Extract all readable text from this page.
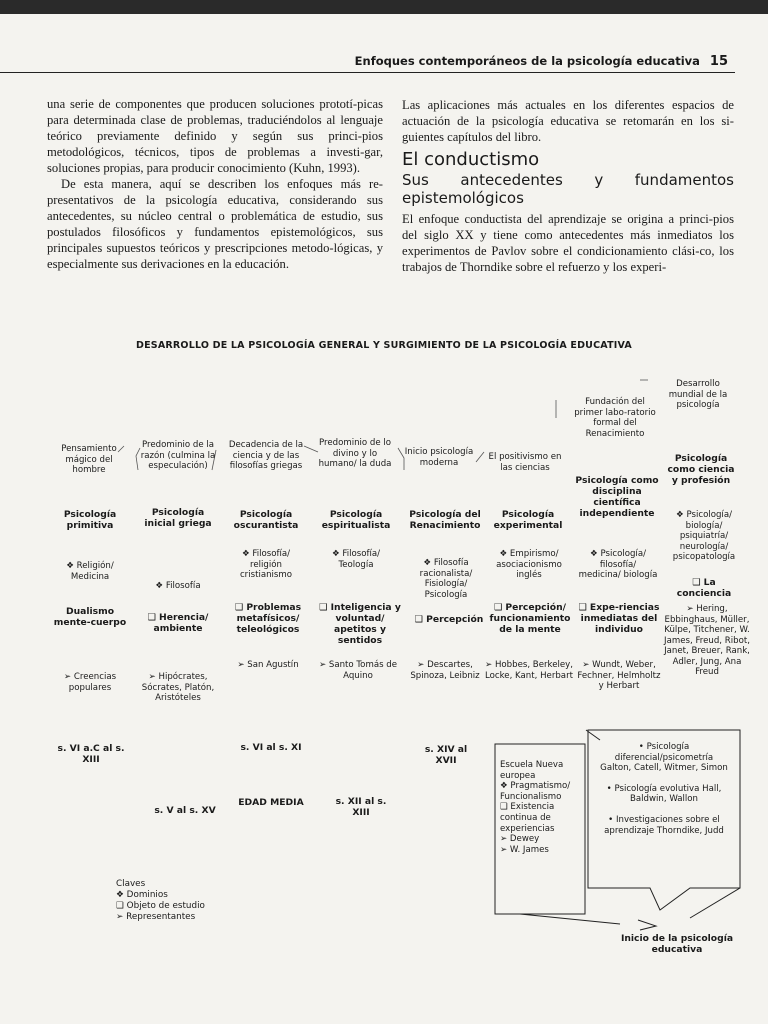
Enfoques contemporáneos de la psicología educativa 15

una serie de componentes que producen soluciones prototí-picas para determinada clase de problemas, traduciéndolos al lenguaje teórico previamente definido y según sus princi-pios metodológicos, técnicos, tipos de problemas a investi-gar, soluciones propias, para producir conocimiento (Kuhn, 1993).

De esta manera, aquí se describen los enfoques más re-presentativos de la psicología educativa, considerando sus antecedentes, su núcleo central o problemática de estudio, sus postulados filosóficos y fundamentos epistemológicos, sus principales supuestos teóricos y prescripciones metodo-lógicas, y especialmente sus derivaciones en la educación.

Las aplicaciones más actuales en los diferentes espacios de actuación de la psicología educativa se retomarán en los si-guientes capítulos del libro.

El conductismo
Sus antecedentes y fundamentos epistemológicos

El enfoque conductista del aprendizaje se origina a princi-pios del siglo XX y tiene como antecedentes más inmediatos los experimentos de Pavlov sobre el condicionamiento clási-co, los trabajos de Thorndike sobre el refuerzo y los experi-

DESARROLLO DE LA PSICOLOGÍA GENERAL Y SURGIMIENTO DE LA PSICOLOGÍA EDUCATIVA
Pensamiento mágico del hombre
Psicología primitiva
❖ Religión/ Medicina
Dualismo mente-cuerpo
➢ Creencias populares
s. VI a.C al s. XIII
Predominio de la razón (culmina la especulación)
Psicología inicial griega
❖ Filosofía
❑ Herencia/ ambiente
➢ Hipócrates, Sócrates, Platón, Aristóteles
s. V al s. XV
Decadencia de la ciencia y de las filosofías griegas
Psicología oscurantista
❖ Filosofía/ religión cristianismo
❑ Problemas metafísicos/ teleológicos
➢ San Agustín
s. VI al s. XI
EDAD MEDIA
Predominio de lo divino y lo humano/ la duda
Psicología espiritualista
❖ Filosofía/ Teología
❑ Inteligencia y voluntad/ apetitos y sentidos
➢ Santo Tomás de Aquino
s. XII al s. XIII
Inicio psicología moderna
Psicología del Renacimiento
❖ Filosofía racionalista/ Fisiología/ Psicología
❑ Percepción
➢ Descartes, Spinoza, Leibniz
s. XIV al XVII
El positivismo en las ciencias
Psicología experimental
❖ Empirismo/ asociacionismo inglés
❑ Percepción/ funcionamiento de la mente
➢ Hobbes, Berkeley, Locke, Kant, Herbart
Fundación del primer labo-ratorio formal del Renacimiento
Psicología como disciplina científica independiente
❖ Psicología/ filosofía/ medicina/ biología
❑ Expe-riencias inmediatas del individuo
➢ Wundt, Weber, Fechner, Helmholtz y Herbart
Desarrollo mundial de la psicología
Psicología como ciencia y profesión
❖ Psicología/ biología/ psiquiatría/ neurología/ psicopatología
❑ La conciencia
➢ Hering, Ebbinghaus, Müller, Külpe, Titchener, W. James, Freud, Ribot, Janet, Breuer, Rank, Adler, Jung, Ana Freud
Escuela Nueva europea
❖ Pragmatismo/ Funcionalismo
❑ Existencia continua de experiencias
➢ Dewey
➢ W. James
• Psicología diferencial/psicometría Galton, Catell, Witmer, Simon
• Psicología evolutiva Hall, Baldwin, Wallon
• Investigaciones sobre el aprendizaje Thorndike, Judd
Inicio de la psicología educativa
Claves
❖ Dominios
❑ Objeto de estudio
➢ Representantes
